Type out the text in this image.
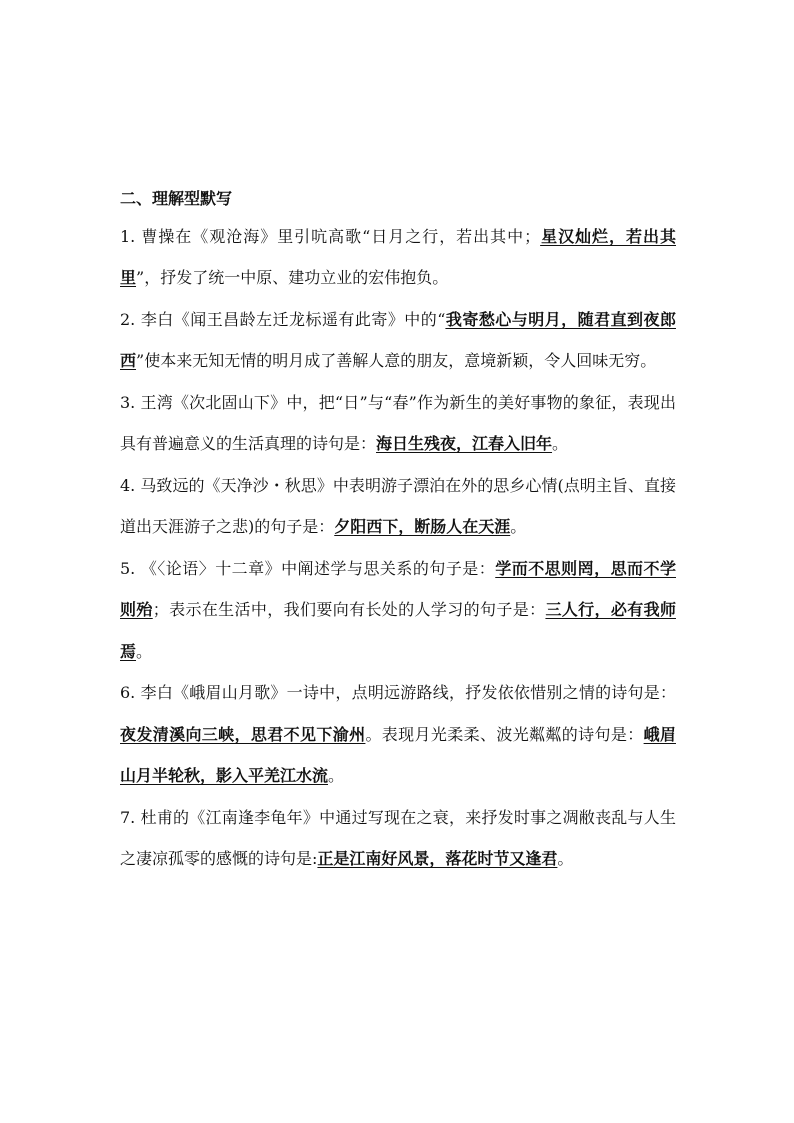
二、理解型默写

1. 曹操在《观沧海》里引吭高歌“日月之行，若出其中；星汉灿烂，若出其里”，抒发了统一中原、建功立业的宏伟抱负。

2. 李白《闻王昌龄左迁龙标遥有此寄》中的“我寄愁心与明月，随君直到夜郎西”使本来无知无情的明月成了善解人意的朋友，意境新颖，令人回味无穷。

3. 王湾《次北固山下》中，把“日”与“春”作为新生的美好事物的象征，表现出具有普遍意义的生活真理的诗句是：海日生残夜，江春入旧年。

4. 马致远的《天净沙・秋思》中表明游子漂泊在外的思乡心情(点明主旨、直接道出天涯游子之悲)的句子是：夕阳西下，断肠人在天涯。

5. 《〈论语〉十二章》中阐述学与思关系的句子是：学而不思则罔，思而不学则殆；表示在生活中，我们要向有长处的人学习的句子是：三人行，必有我师焉。

6. 李白《峨眉山月歌》一诗中，点明远游路线，抒发依依惜别之情的诗句是：夜发清溪向三峡，思君不见下渝州。表现月光柔柔、波光粼粼的诗句是：峨眉山月半轮秋，影入平羌江水流。

7. 杜甫的《江南逢李龟年》中通过写现在之衰，来抒发时事之凋敝丧乱与人生之凄凉孤零的感慨的诗句是:正是江南好风景，落花时节又逢君。
